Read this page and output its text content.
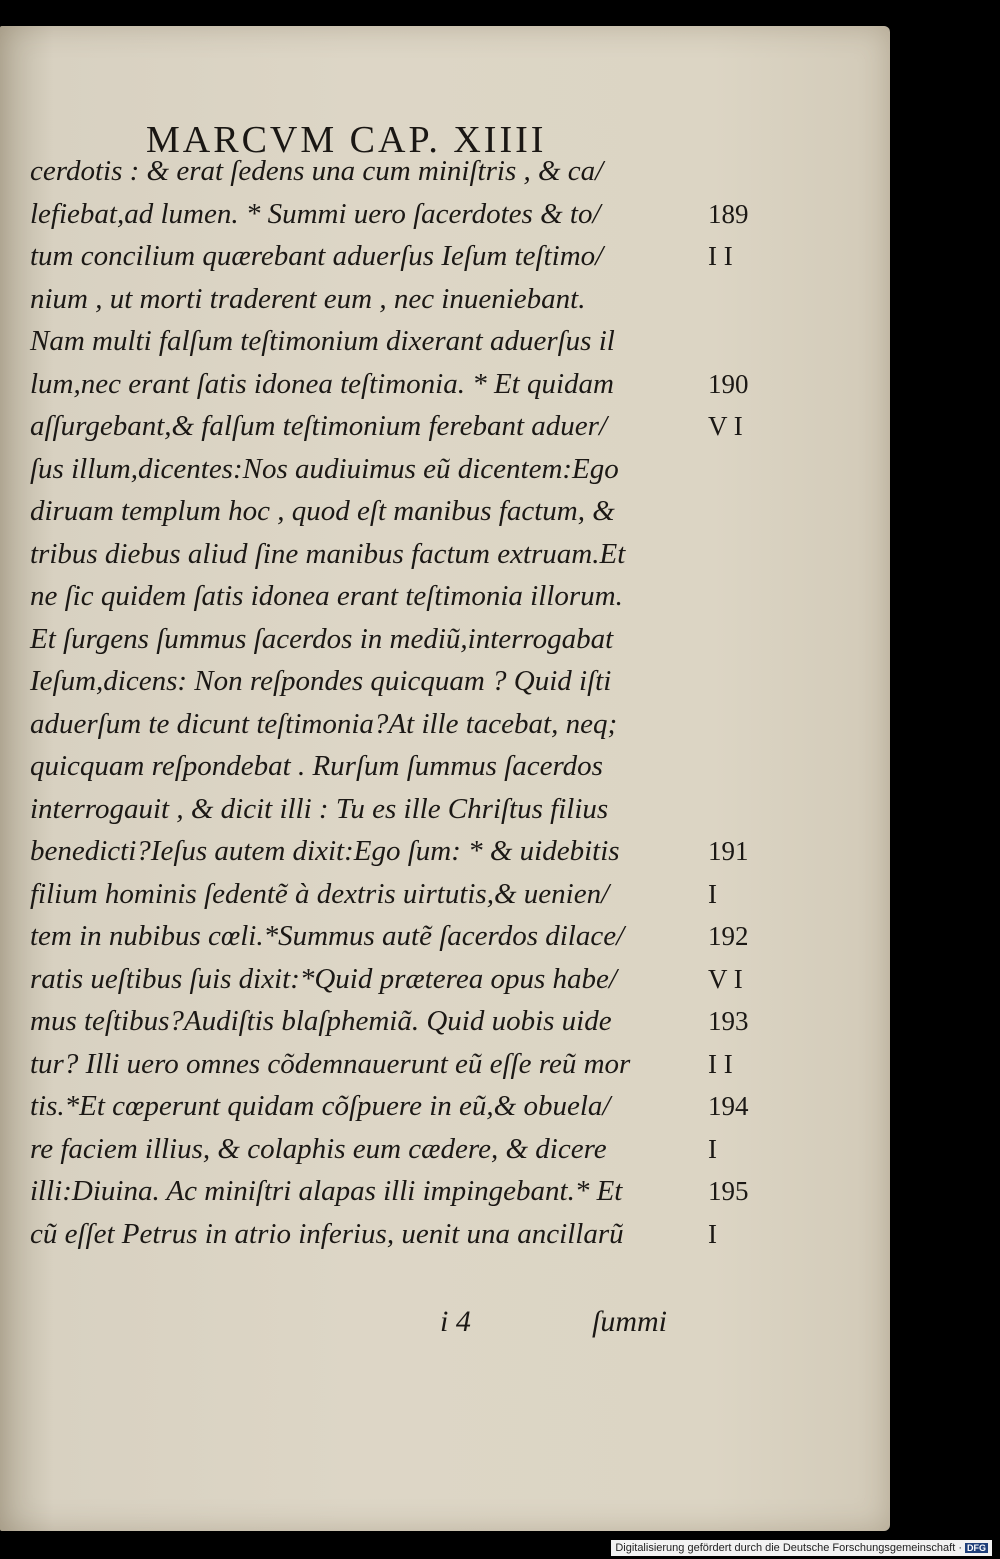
MARCVM CAP. XIIII
cerdotis : & erat ſedens una cum miniſtris , & ca/
lefiebat,ad lumen. * Summi uero ſacerdotes & to/	189
tum concilium quærebant aduerſus Ieſum teſtimo/	I I
nium , ut morti traderent eum , nec inueniebant.
Nam multi falſum teſtimonium dixerant aduerſus il
lum,nec erant ſatis idonea teſtimonia. * Et quidam	190
aſſurgebant,& falſum teſtimonium ferebant aduer/	V I
ſus illum,dicentes:Nos audiuimus eũ dicentem:Ego
diruam templum hoc , quod eſt manibus factum, &
tribus diebus aliud ſine manibus factum extruam.Et
ne ſic quidem ſatis idonea erant teſtimonia illorum.
Et ſurgens ſummus ſacerdos in mediũ,interrogabat
Ieſum,dicens: Non reſpondes quicquam ? Quid iſti
aduerſum te dicunt teſtimonia?At ille tacebat, neq;
quicquam reſpondebat . Rurſum ſummus ſacerdos
interrogauit , & dicit illi : Tu es ille Chriſtus filius
benedicti?Ieſus autem dixit:Ego ſum: * & uidebitis	191
filium hominis ſedentẽ à dextris uirtutis,& uenien/	I
tem in nubibus cœli.*Summus autẽ ſacerdos dilace/	192
ratis ueſtibus ſuis dixit:*Quid præterea opus habe/	V I
mus teſtibus?Audiſtis blaſphemiã. Quid uobis uide	193
tur? Illi uero omnes cõdemnauerunt eũ eſſe reũ mor	I I
tis.*Et cœperunt quidam cõſpuere in eũ,& obuela/	194
re faciem illius, & colaphis eum cædere, & dicere	I
illi:Diuina. Ac miniſtri alapas illi impingebant.* Et	195
cũ eſſet Petrus in atrio inferius, uenit una ancillarũ	I
i 4	ſummi
Digitalisierung gefördert durch die Deutsche Forschungsgemeinschaft · DFG
